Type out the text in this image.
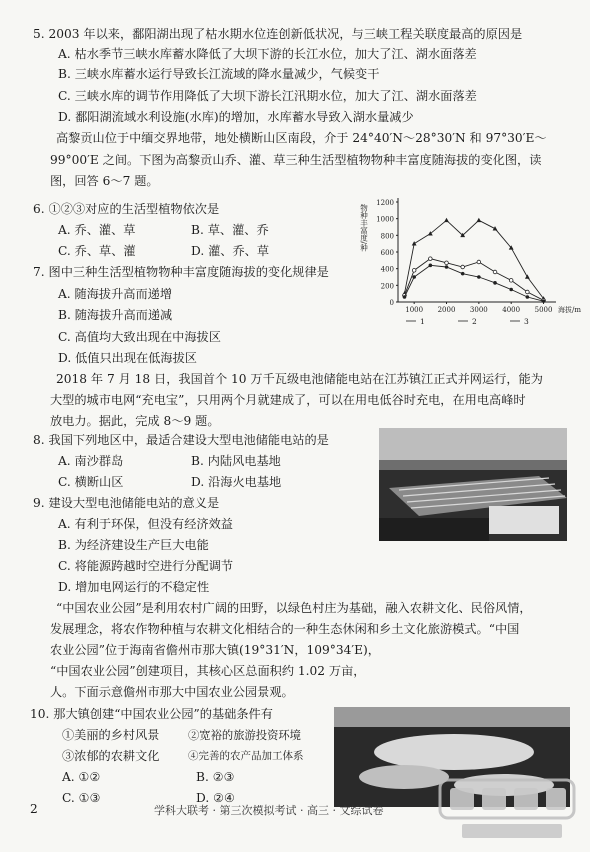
5. 2003 年以来，鄱阳湖出现了枯水期水位连创新低状况，与三峡工程关联度最高的原因是
A. 枯水季节三峡水库蓄水降低了大坝下游的长江水位，加大了江、湖水面落差
B. 三峡水库蓄水运行导致长江流域的降水量减少，气候变干
C. 三峡水库的调节作用降低了大坝下游长江汛期水位，加大了江、湖水面落差
D. 鄱阳湖流域水利设施(水库)的增加，水库蓄水导致入湖水量减少
高黎贡山位于中缅交界地带，地处横断山区南段，介于 24°40′N～28°30′N 和 97°30′E～
99°00′E 之间。下图为高黎贡山乔、灌、草三种生活型植物物种丰富度随海拔的变化图，读
图，回答 6～7 题。
6. ①②③对应的生活型植物依次是
A. 乔、灌、草	B. 草、灌、乔
C. 乔、草、灌	D. 灌、乔、草
7. 图中三种生活型植物物种丰富度随海拔的变化规律是
A. 随海拔升高而递增
B. 随海拔升高而递减
C. 高值均大致出现在中海拔区
D. 低值只出现在低海拔区
0
200
400
600
800
1000
1200
1000 2000 3000 4000 5000 海拔/m
物种丰富度/种
1	2	3
2018 年 7 月 18 日，我国首个 10 万千瓦级电池储能电站在江苏镇江正式并网运行，能为
大型的城市电网“充电宝”，只用两个月就建成了，可以在用电低谷时充电，在用电高峰时
放电力。据此，完成 8～9 题。
8. 我国下列地区中，最适合建设大型电池储能电站的是
A. 南沙群岛	B. 内陆风电基地
C. 横断山区	D. 沿海火电基地
9. 建设大型电池储能电站的意义是
A. 有利于环保，但没有经济效益
B. 为经济建设生产巨大电能
C. 将能源跨越时空进行分配调节
D. 增加电网运行的不稳定性
“中国农业公园”是利用农村广阔的田野，以绿色村庄为基础，融入农耕文化、民俗风情，
发展理念，将农作物种植与农耕文化相结合的一种生态休闲和乡土文化旅游模式。“中国
农业公园”位于海南省儋州市那大镇(19°31′N，109°34′E)，
“中国农业公园”创建项目，其核心区总面积约 1.02 万亩，
人。下面示意儋州市那大中国农业公园景观。
10. 那大镇创建“中国农业公园”的基础条件有
①美丽的乡村风景	②宽裕的旅游投资环境
③浓郁的农耕文化	④完善的农产品加工体系
A. ①②	B. ②③
C. ①③	D. ②④
2	学科大联考 · 第三次模拟考试 · 高三 · 文综试卷
